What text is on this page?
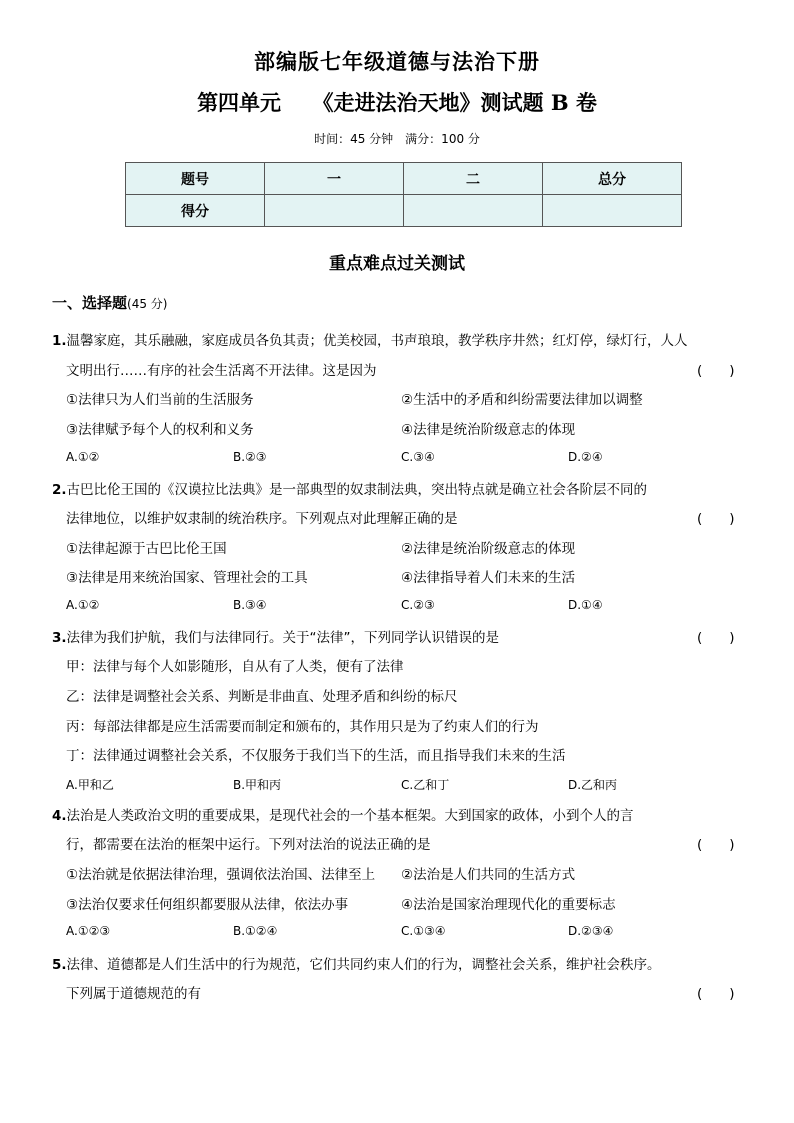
部编版七年级道德与法治下册
第四单元　　《走进法治天地》测试题 B 卷
时间：45 分钟　满分：100 分
题号	一	二	总分
得分			
重点难点过关测试
一、选择题(45 分)
1.温馨家庭，其乐融融，家庭成员各负其责；优美校园，书声琅琅，教学秩序井然；红灯停，绿灯行，人人
文明出行……有序的社会生活离不开法律。这是因为	(　　)
①法律只为人们当前的生活服务	②生活中的矛盾和纠纷需要法律加以调整
③法律赋予每个人的权利和义务	④法律是统治阶级意志的体现
A.①②	B.②③	C.③④	D.②④
2.古巴比伦王国的《汉谟拉比法典》是一部典型的奴隶制法典，突出特点就是确立社会各阶层不同的
法律地位，以维护奴隶制的统治秩序。下列观点对此理解正确的是	(　　)
①法律起源于古巴比伦王国	②法律是统治阶级意志的体现
③法律是用来统治国家、管理社会的工具	④法律指导着人们未来的生活
A.①②	B.③④	C.②③	D.①④
3.法律为我们护航，我们与法律同行。关于“法律”，下列同学认识错误的是	(　　)
甲：法律与每个人如影随形，自从有了人类，便有了法律
乙：法律是调整社会关系、判断是非曲直、处理矛盾和纠纷的标尺
丙：每部法律都是应生活需要而制定和颁布的，其作用只是为了约束人们的行为
丁：法律通过调整社会关系，不仅服务于我们当下的生活，而且指导我们未来的生活
A.甲和乙	B.甲和丙	C.乙和丁	D.乙和丙
4.法治是人类政治文明的重要成果，是现代社会的一个基本框架。大到国家的政体，小到个人的言
行，都需要在法治的框架中运行。下列对法治的说法正确的是	(　　)
①法治就是依据法律治理，强调依法治国、法律至上 ②法治是人们共同的生活方式
③法治仅要求任何组织都要服从法律，依法办事	④法治是国家治理现代化的重要标志
A.①②③	B.①②④	C.①③④	D.②③④
5.法律、道德都是人们生活中的行为规范，它们共同约束人们的行为，调整社会关系，维护社会秩序。
下列属于道德规范的有	(　　)
